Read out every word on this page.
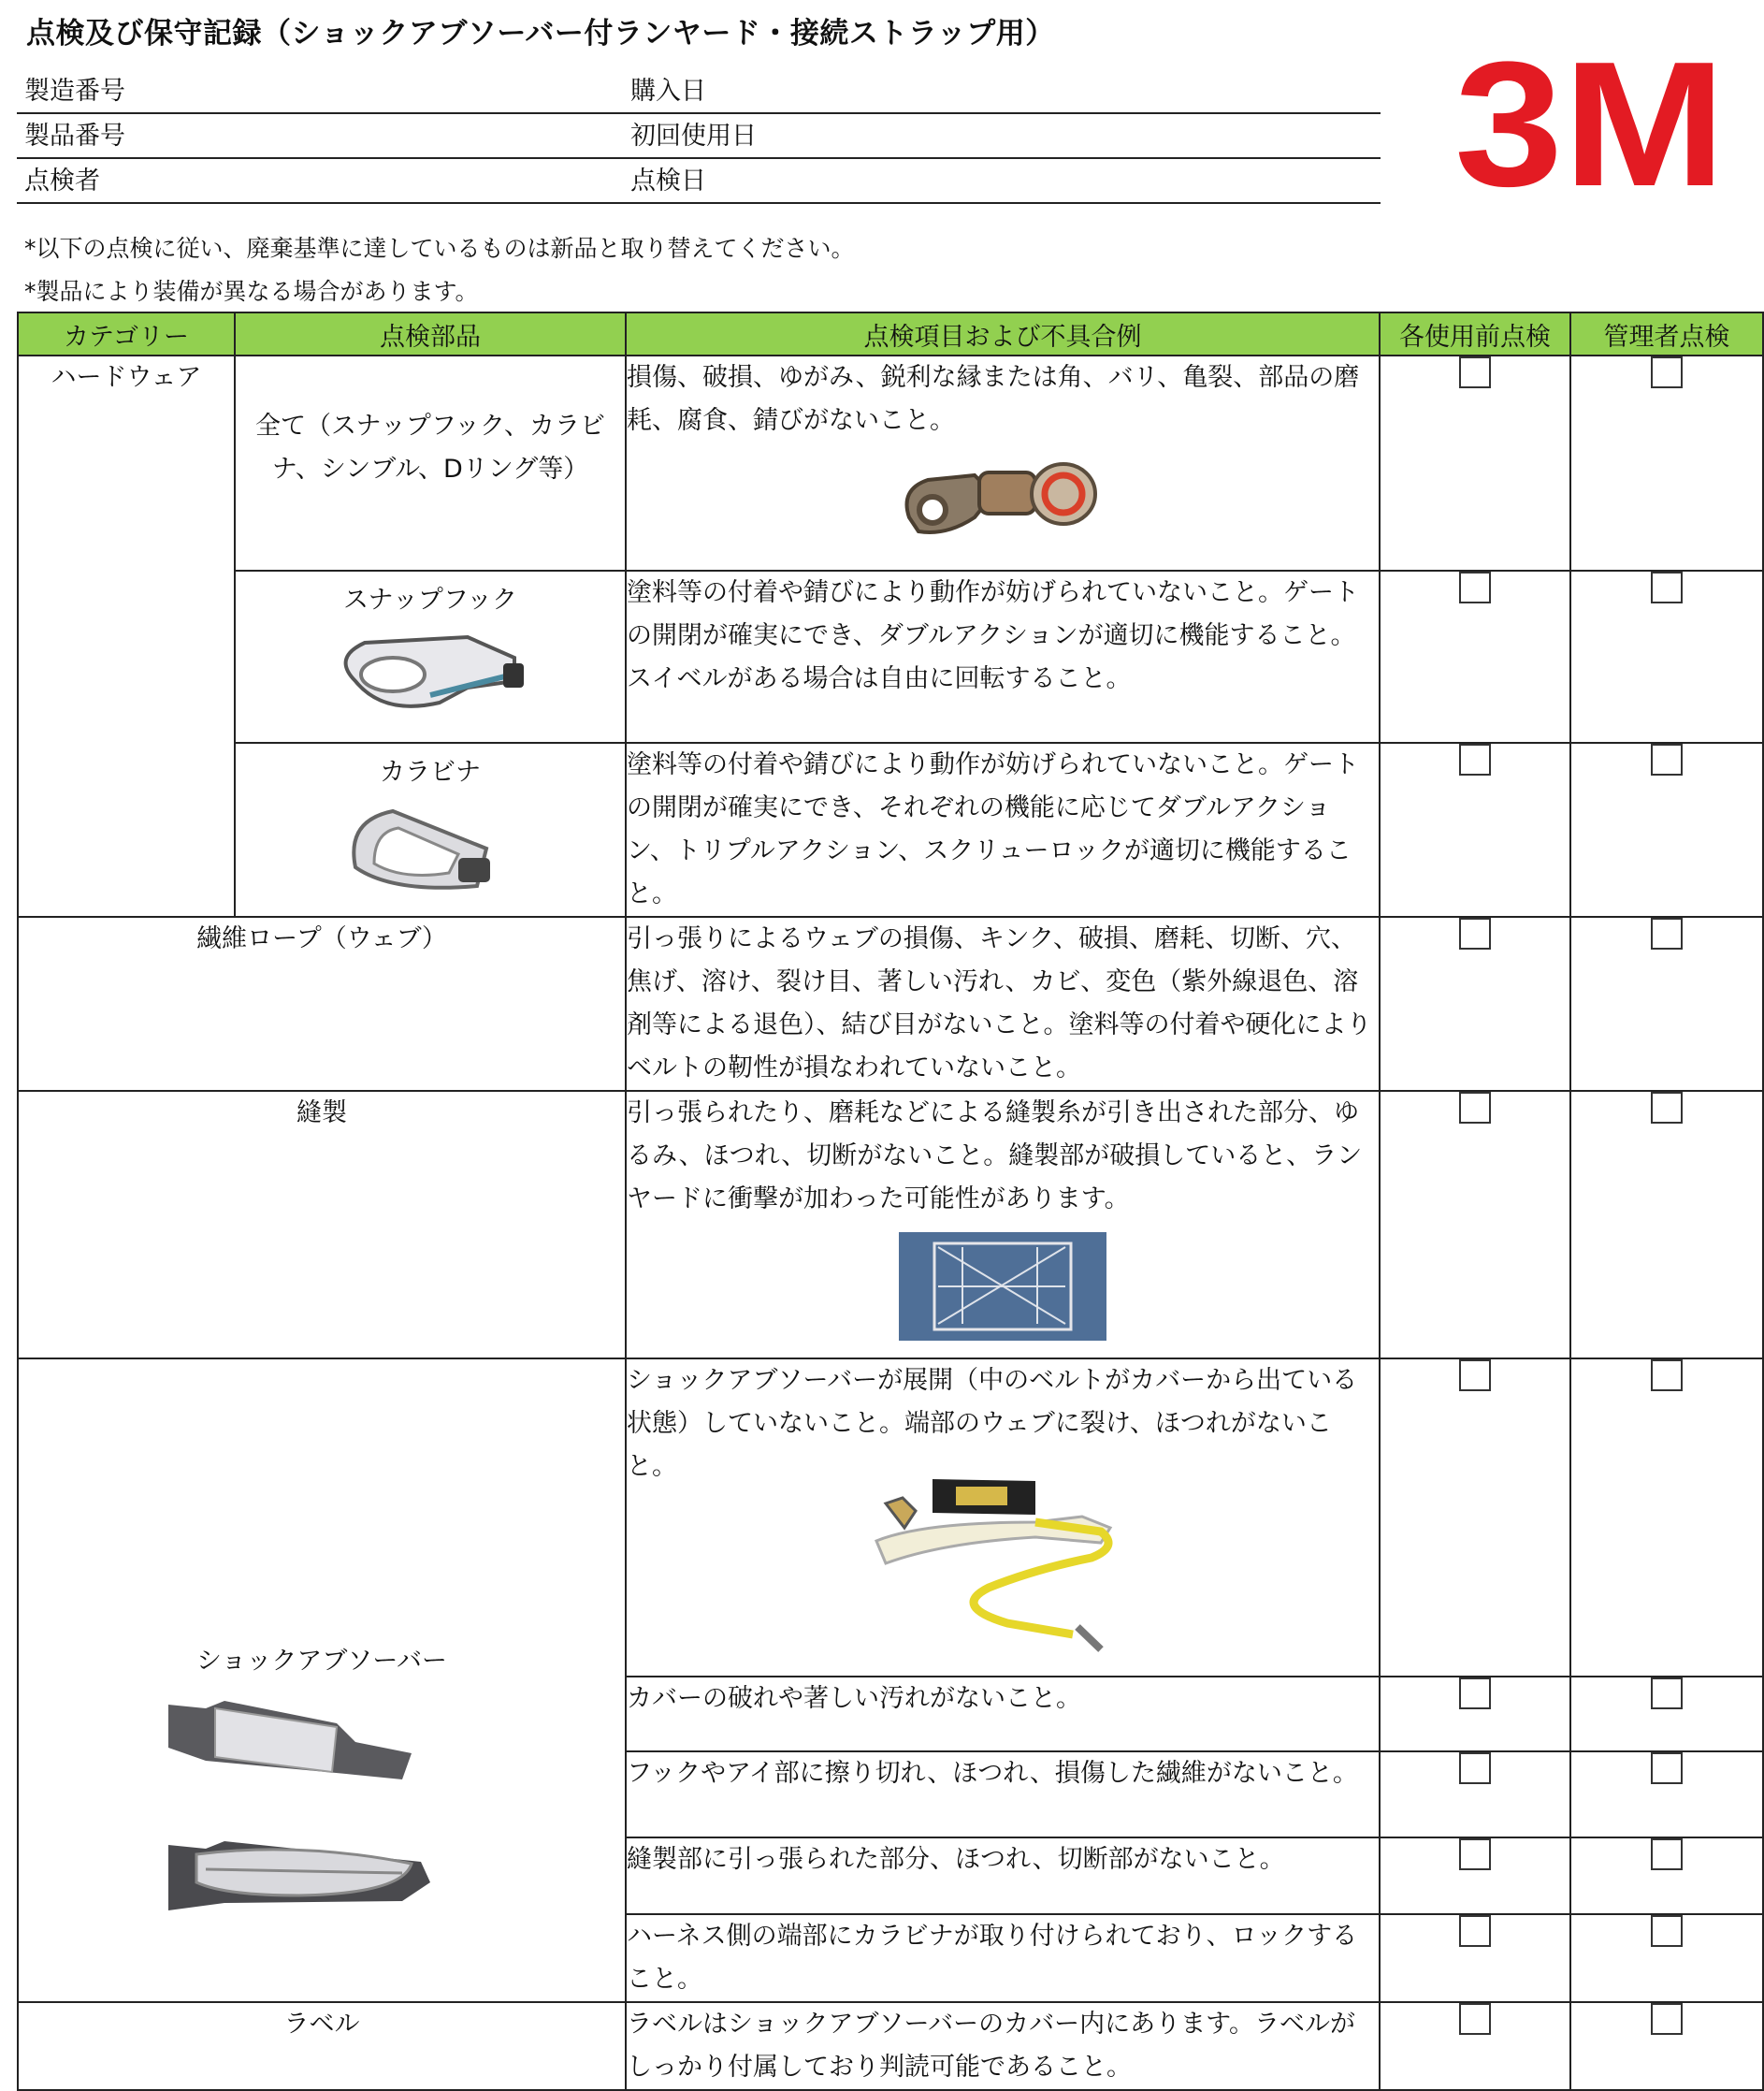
点検及び保守記録（ショックアブソーバー付ランヤード・接続ストラップ用）
製造番号	購入日
製品番号	初回使用日
点検者	点検日	3M
*以下の点検に従い、廃棄基準に達しているものは新品と取り替えてください。
*製品により装備が異なる場合があります。
カテゴリー	点検部品	点検項目および不具合例	各使用前点検	管理者点検
ハードウェア	全て（スナップフック、カラビナ、シンブル、Dリング等）	損傷、破損、ゆがみ、鋭利な縁または角、バリ、亀裂、部品の磨耗、腐食、錆びがないこと。		

	スナップフック	塗料等の付着や錆びにより動作が妨げられていないこと。ゲートの開閉が確実にでき、ダブルアクションが適切に機能すること。スイベルがある場合は自由に回転すること。		

	カラビナ	塗料等の付着や錆びにより動作が妨げられていないこと。ゲートの開閉が確実にでき、それぞれの機能に応じてダブルアクション、トリプルアクション、スクリューロックが適切に機能すること。		
繊維ロープ（ウェブ）		引っ張りによるウェブの損傷、キンク、破損、磨耗、切断、穴、焦げ、溶け、裂け目、著しい汚れ、カビ、変色（紫外線退色、溶剤等による退色）、結び目がないこと。塗料等の付着や硬化によりベルトの靭性が損なわれていないこと。		
縫製		引っ張られたり、磨耗などによる縫製糸が引き出された部分、ゆるみ、ほつれ、切断がないこと。縫製部が破損していると、ランヤードに衝撃が加わった可能性があります。		

ショックアブソーバー		ショックアブソーバーが展開（中のベルトがカバーから出ている状態）していないこと。端部のウェブに裂け、ほつれがないこと。		

		カバーの破れや著しい汚れがないこと。		
		フックやアイ部に擦り切れ、ほつれ、損傷した繊維がないこと。		
		縫製部に引っ張られた部分、ほつれ、切断部がないこと。		
		ハーネス側の端部にカラビナが取り付けられており、ロックすること。		
ラベル		ラベルはショックアブソーバーのカバー内にあります。ラベルがしっかり付属しており判読可能であること。		
